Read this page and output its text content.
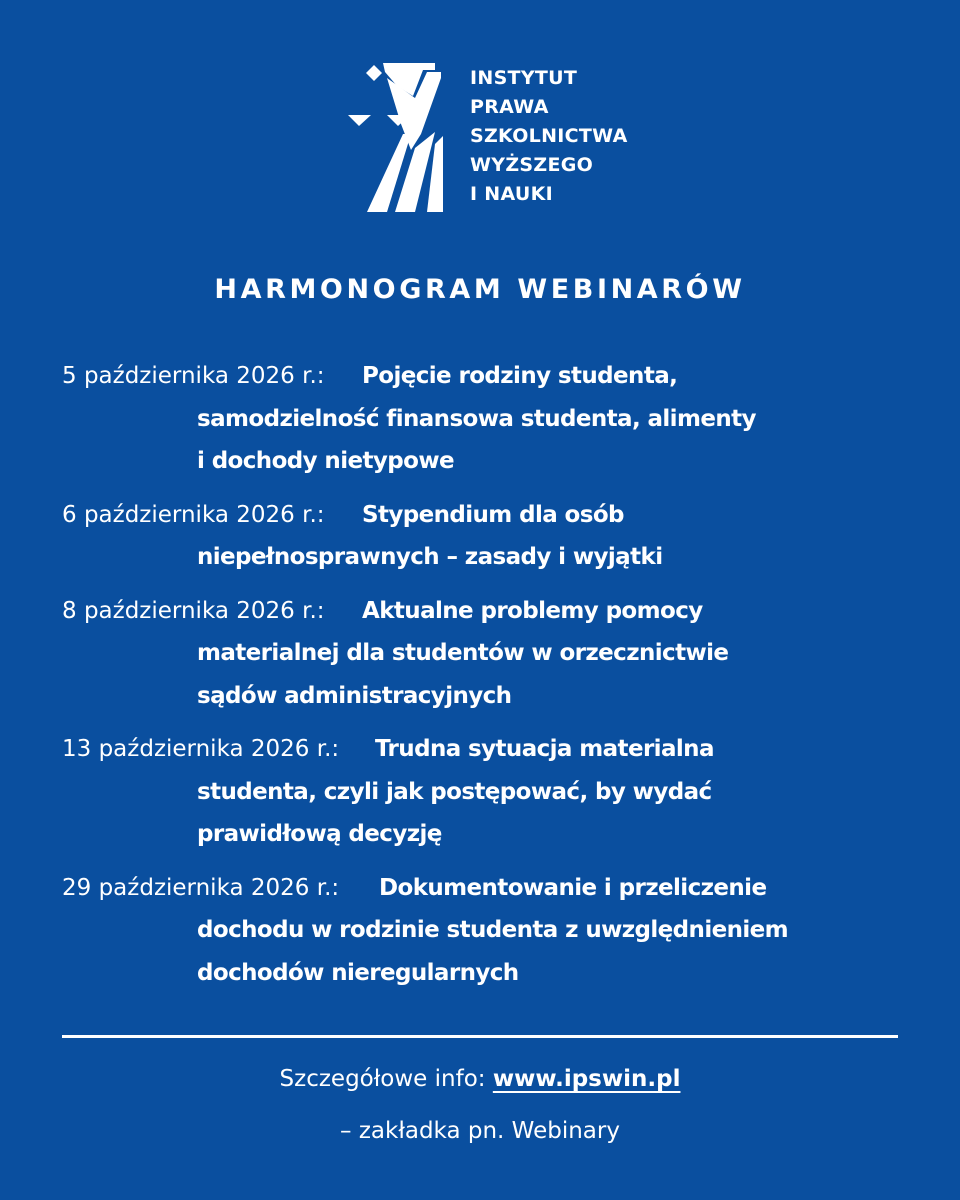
INSTYTUT
PRAWA
SZKOLNICTWA
WYŻSZEGO
I NAUKI
HARMONOGRAM WEBINARÓW
5 października 2026 r.: Pojęcie rodziny studenta,
samodzielność finansowa studenta, alimenty
i dochody nietypowe
6 października 2026 r.: Stypendium dla osób
niepełnosprawnych – zasady i wyjątki
8 października 2026 r.: Aktualne problemy pomocy
materialnej dla studentów w orzecznictwie
sądów administracyjnych
13 października 2026 r.: Trudna sytuacja materialna
studenta, czyli jak postępować, by wydać
prawidłową decyzję
29 października 2026 r.: Dokumentowanie i przeliczenie
dochodu w rodzinie studenta z uwzględnieniem
dochodów nieregularnych
Szczegółowe info: www.ipswin.pl
– zakładka pn. Webinary
